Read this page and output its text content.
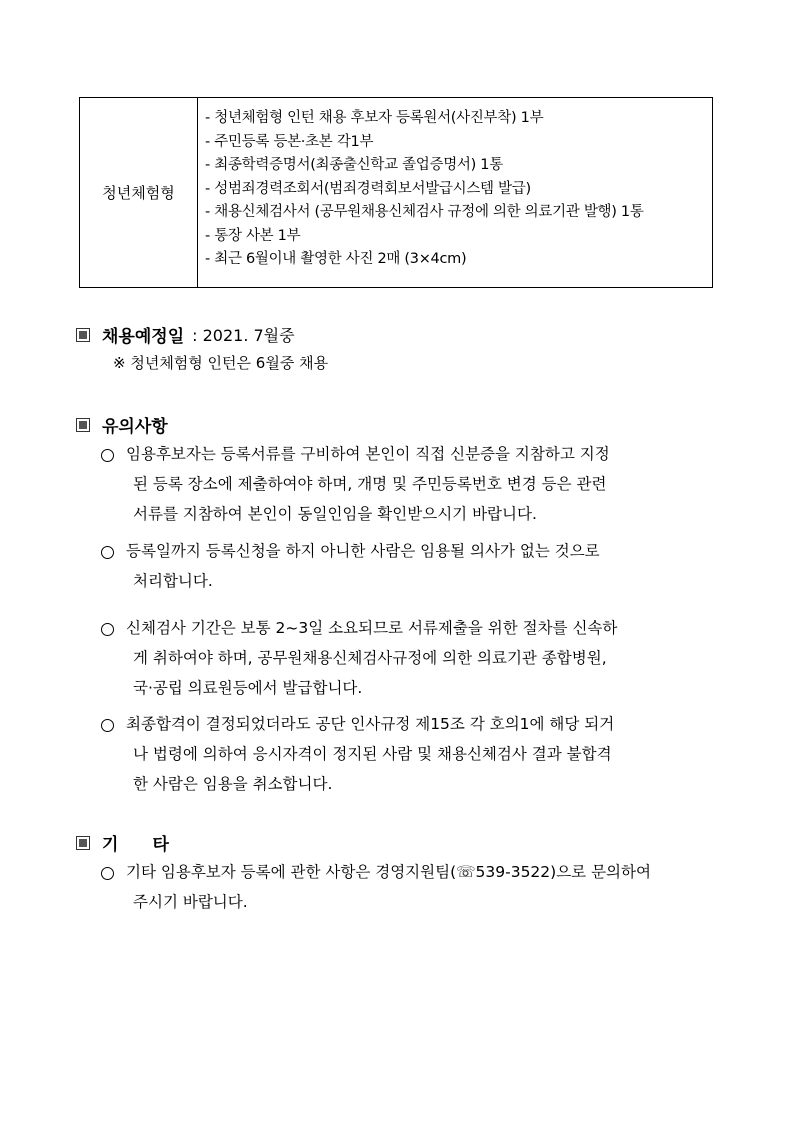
청년체험형
- 청년체험형 인턴 채용 후보자 등록원서(사진부착) 1부
- 주민등록 등본·초본 각1부
- 최종학력증명서(최종출신학교 졸업증명서) 1통
- 성범죄경력조회서(범죄경력회보서발급시스템 발급)
- 채용신체검사서 (공무원채용신체검사 규정에 의한 의료기관 발행) 1통
- 통장 사본 1부
- 최근 6월이내 촬영한 사진 2매 (3×4cm)
채용예정일 : 2021. 7월중
※ 청년체험형 인턴은 6월중 채용
유의사항
임용후보자는 등록서류를 구비하여 본인이 직접 신분증을 지참하고 지정
된 등록 장소에 제출하여야 하며, 개명 및 주민등록번호 변경 등은 관련
서류를 지참하여 본인이 동일인임을 확인받으시기 바랍니다.
등록일까지 등록신청을 하지 아니한 사람은 임용될 의사가 없는 것으로
처리합니다.
신체검사 기간은 보통 2~3일 소요되므로 서류제출을 위한 절차를 신속하
게 취하여야 하며, 공무원채용신체검사규정에 의한 의료기관 종합병원,
국·공립 의료원등에서 발급합니다.
최종합격이 결정되었더라도 공단 인사규정 제15조 각 호의1에 해당 되거
나 법령에 의하여 응시자격이 정지된 사람 및 채용신체검사 결과 불합격
한 사람은 임용을 취소합니다.
기 타
기타 임용후보자 등록에 관한 사항은 경영지원팀(☏539-3522)으로 문의하여
주시기 바랍니다.
